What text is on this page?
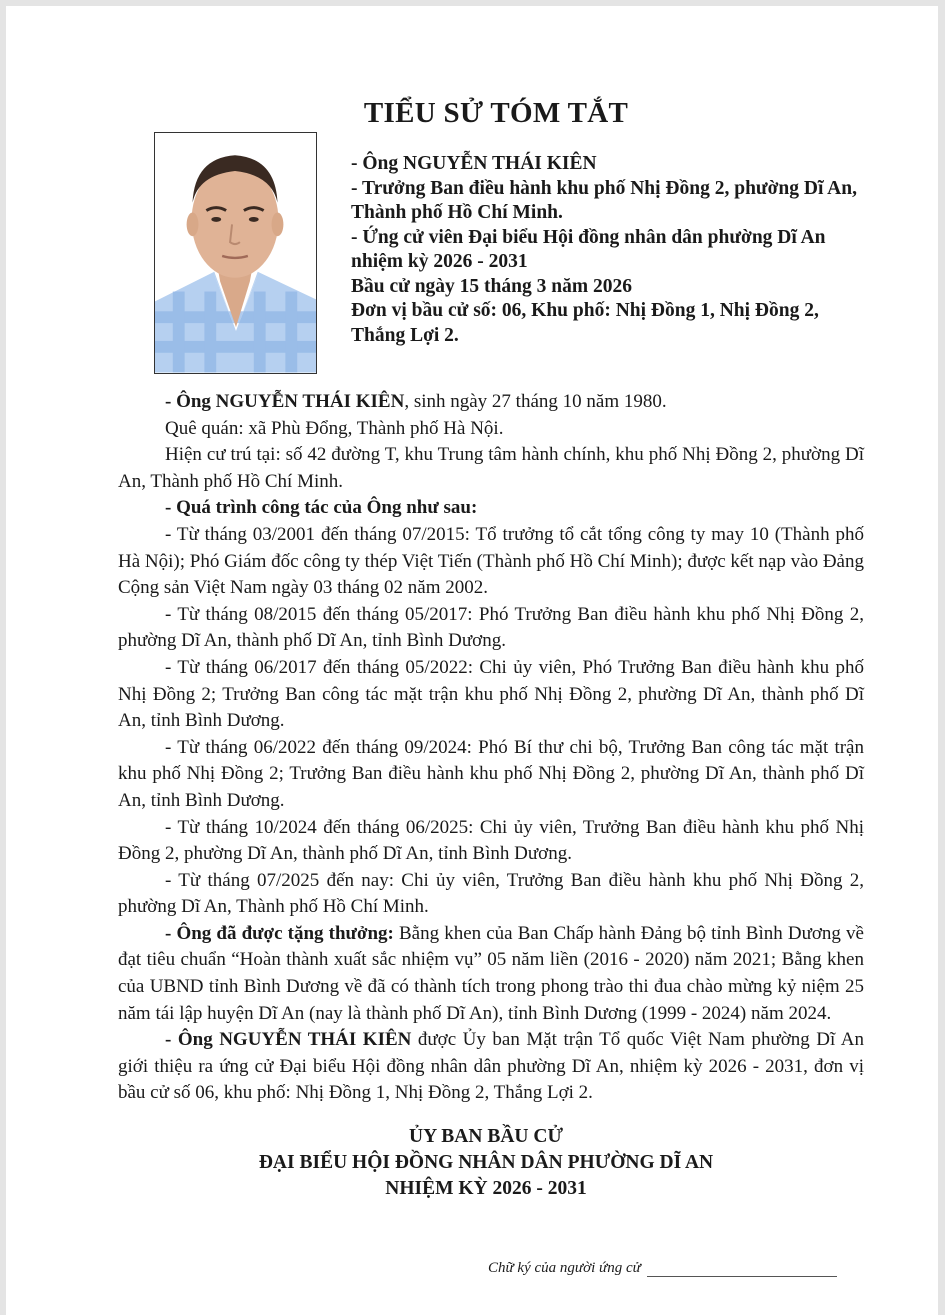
TIỂU SỬ TÓM TẮT
- Ông NGUYỄN THÁI KIÊN
- Trưởng Ban điều hành khu phố Nhị Đồng 2, phường Dĩ An, Thành phố Hồ Chí Minh.
- Ứng cử viên Đại biểu Hội đồng nhân dân phường Dĩ An nhiệm kỳ 2026 - 2031
Bầu cử ngày 15 tháng 3 năm 2026
Đơn vị bầu cử số: 06, Khu phố: Nhị Đồng 1, Nhị Đồng 2, Thắng Lợi 2.

- Ông NGUYỄN THÁI KIÊN, sinh ngày 27 tháng 10 năm 1980.

Quê quán: xã Phù Đổng, Thành phố Hà Nội.

Hiện cư trú tại: số 42 đường T, khu Trung tâm hành chính, khu phố Nhị Đồng 2, phường Dĩ An, Thành phố Hồ Chí Minh.

- Quá trình công tác của Ông như sau:

- Từ tháng 03/2001 đến tháng 07/2015: Tổ trưởng tổ cắt tổng công ty may 10 (Thành phố Hà Nội); Phó Giám đốc công ty thép Việt Tiến (Thành phố Hồ Chí Minh); được kết nạp vào Đảng Cộng sản Việt Nam ngày 03 tháng 02 năm 2002.

- Từ tháng 08/2015 đến tháng 05/2017: Phó Trưởng Ban điều hành khu phố Nhị Đồng 2, phường Dĩ An, thành phố Dĩ An, tỉnh Bình Dương.

- Từ tháng 06/2017 đến tháng 05/2022: Chi ủy viên, Phó Trưởng Ban điều hành khu phố Nhị Đồng 2; Trưởng Ban công tác mặt trận khu phố Nhị Đồng 2, phường Dĩ An, thành phố Dĩ An, tỉnh Bình Dương.

- Từ tháng 06/2022 đến tháng 09/2024: Phó Bí thư chi bộ, Trưởng Ban công tác mặt trận khu phố Nhị Đồng 2; Trưởng Ban điều hành khu phố Nhị Đồng 2, phường Dĩ An, thành phố Dĩ An, tỉnh Bình Dương.

- Từ tháng 10/2024 đến tháng 06/2025: Chi ủy viên, Trưởng Ban điều hành khu phố Nhị Đồng 2, phường Dĩ An, thành phố Dĩ An, tỉnh Bình Dương.

- Từ tháng 07/2025 đến nay: Chi ủy viên, Trưởng Ban điều hành khu phố Nhị Đồng 2, phường Dĩ An, Thành phố Hồ Chí Minh.

- Ông đã được tặng thưởng: Bằng khen của Ban Chấp hành Đảng bộ tỉnh Bình Dương về đạt tiêu chuẩn “Hoàn thành xuất sắc nhiệm vụ” 05 năm liền (2016 - 2020) năm 2021; Bằng khen của UBND tỉnh Bình Dương về đã có thành tích trong phong trào thi đua chào mừng kỷ niệm 25 năm tái lập huyện Dĩ An (nay là thành phố Dĩ An), tỉnh Bình Dương (1999 - 2024) năm 2024.

- Ông NGUYỄN THÁI KIÊN được Ủy ban Mặt trận Tổ quốc Việt Nam phường Dĩ An giới thiệu ra ứng cử Đại biểu Hội đồng nhân dân phường Dĩ An, nhiệm kỳ 2026 - 2031, đơn vị bầu cử số 06, khu phố: Nhị Đồng 1, Nhị Đồng 2, Thắng Lợi 2.

ỦY BAN BẦU CỬ
ĐẠI BIỂU HỘI ĐỒNG NHÂN DÂN PHƯỜNG DĨ AN
NHIỆM KỲ 2026 - 2031
Chữ ký của người ứng cử
